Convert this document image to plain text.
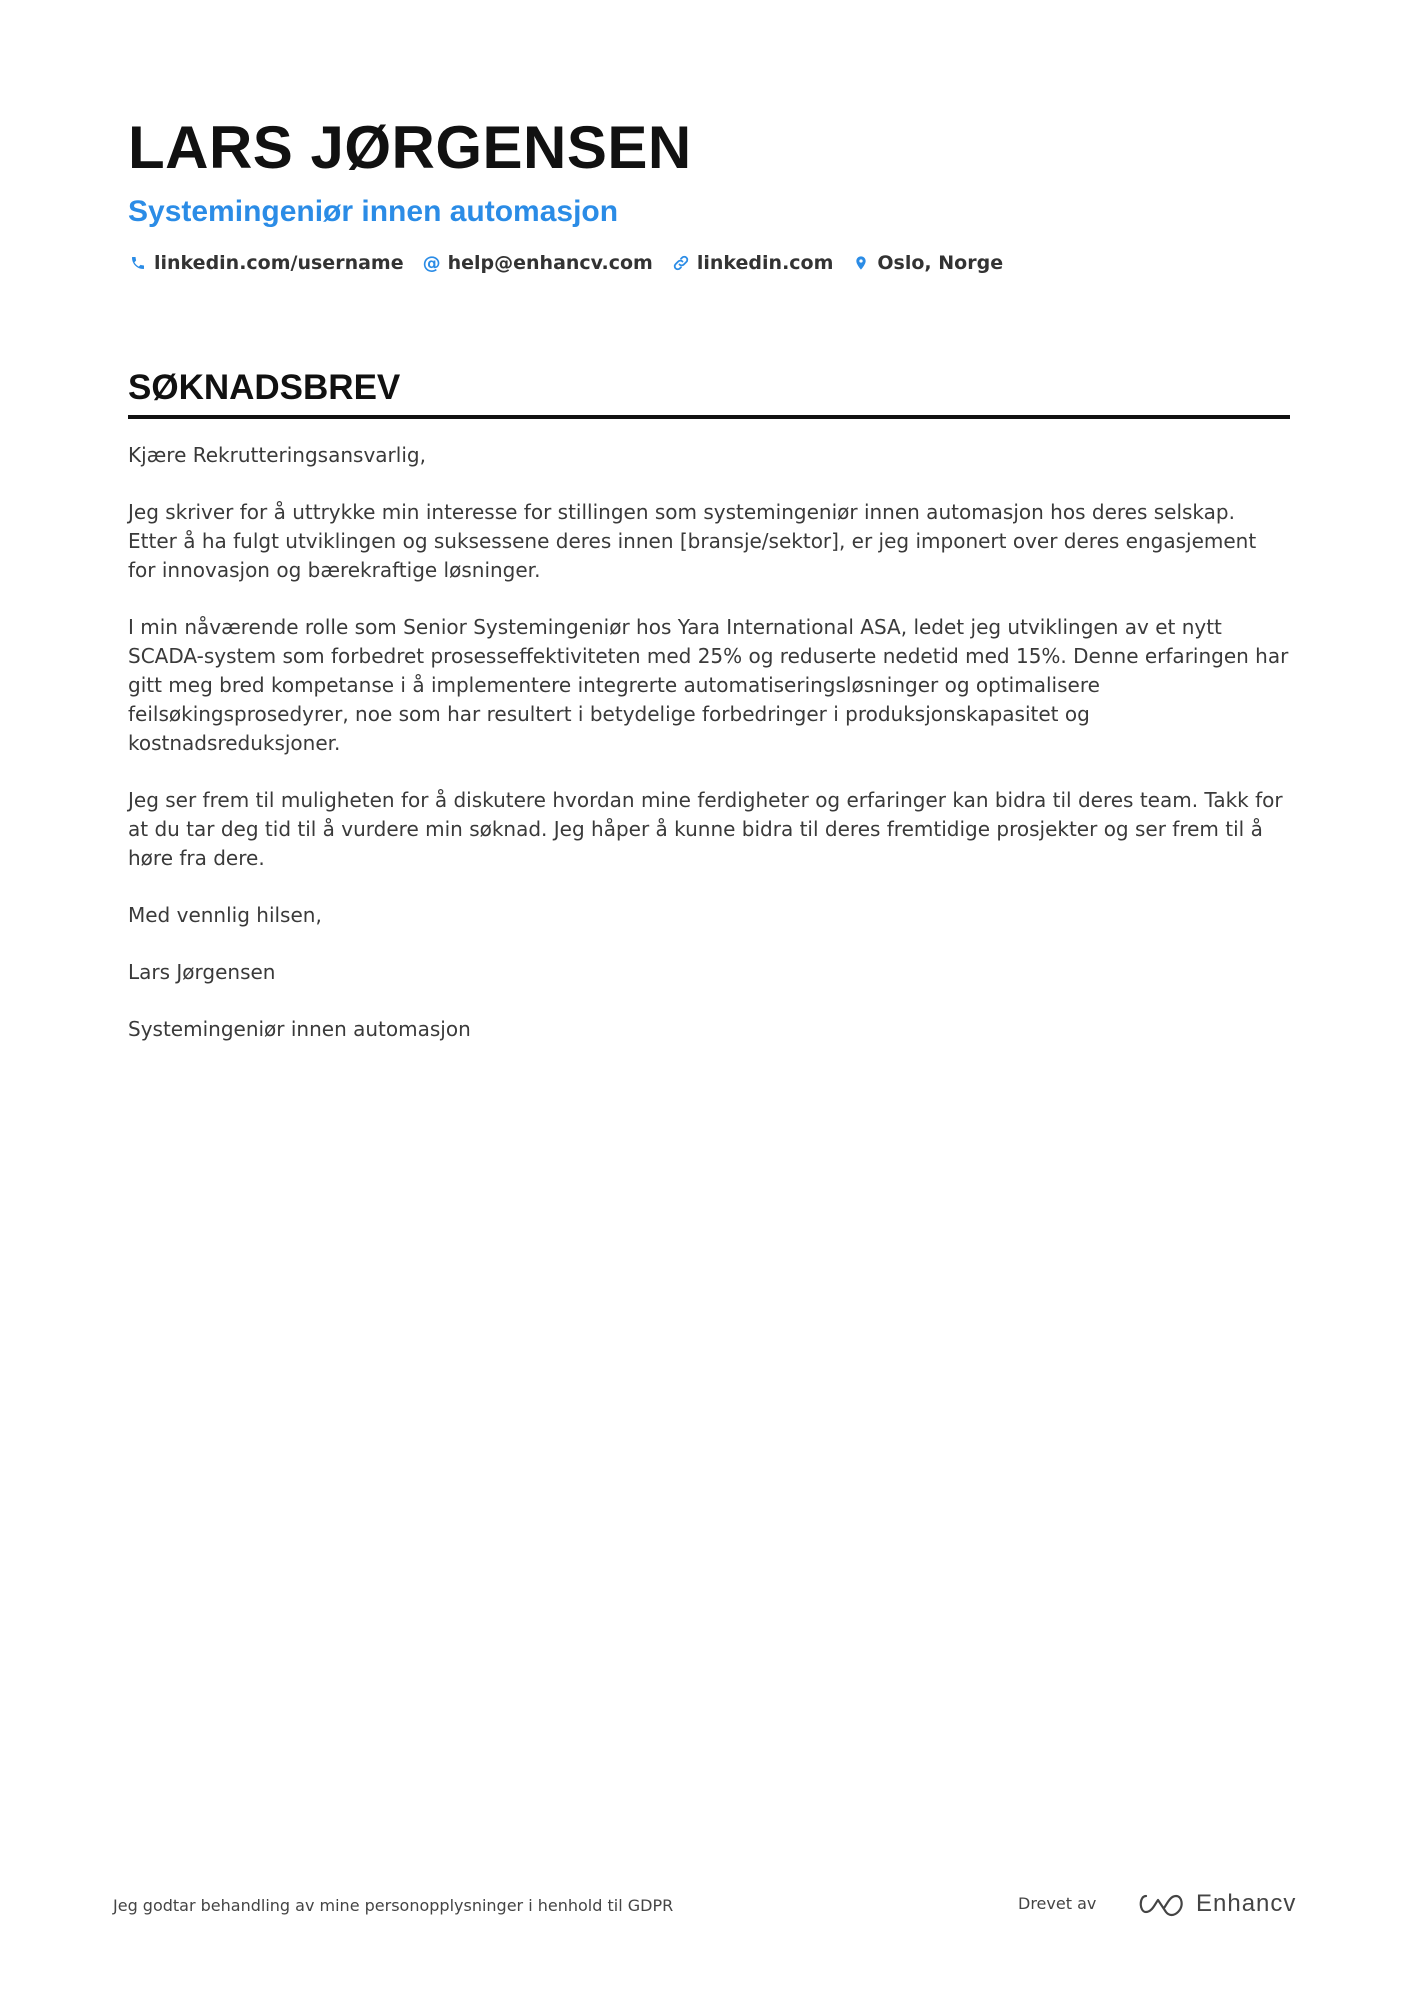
LARS JØRGENSEN
Systemingeniør innen automasjon
linkedin.com/username @ help@enhancv.com linkedin.com Oslo, Norge
SØKNADSBREV

Kjære Rekrutteringsansvarlig,

Jeg skriver for å uttrykke min interesse for stillingen som systemingeniør innen automasjon hos deres selskap. Etter å ha fulgt utviklingen og suksessene deres innen [bransje/sektor], er jeg imponert over deres engasjement for innovasjon og bærekraftige løsninger.

I min nåværende rolle som Senior Systemingeniør hos Yara International ASA, ledet jeg utviklingen av et nytt SCADA-system som forbedret prosesseffektiviteten med 25% og reduserte nedetid med 15%. Denne erfaringen har gitt meg bred kompetanse i å implementere integrerte automatiseringsløsninger og optimalisere feilsøkingsprosedyrer, noe som har resultert i betydelige forbedringer i produksjonskapasitet og kostnadsreduksjoner.

Jeg ser frem til muligheten for å diskutere hvordan mine ferdigheter og erfaringer kan bidra til deres team. Takk for at du tar deg tid til å vurdere min søknad. Jeg håper å kunne bidra til deres fremtidige prosjekter og ser frem til å høre fra dere.

Med vennlig hilsen,

Lars Jørgensen

Systemingeniør innen automasjon

Jeg godtar behandling av mine personopplysninger i henhold til GDPR	Drevet av	Enhancv
